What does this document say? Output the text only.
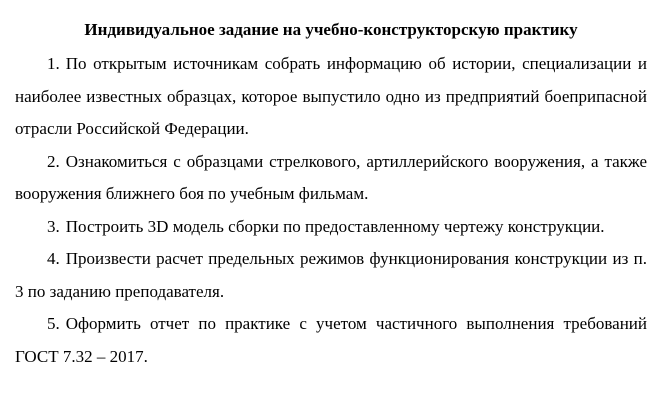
Индивидуальное задание на учебно-конструкторскую практику
1. По открытым источникам собрать информацию об истории, специализации и наиболее известных образцах, которое выпустило одно из предприятий боеприпасной отрасли Российской Федерации.
2. Ознакомиться с образцами стрелкового, артиллерийского вооружения, а также вооружения ближнего боя по учебным фильмам.
3. Построить 3D модель сборки по предоставленному чертежу конструкции.
4. Произвести расчет предельных режимов функционирования конструкции из п. 3 по заданию преподавателя.
5. Оформить отчет по практике с учетом частичного выполнения требований ГОСТ 7.32 – 2017.
